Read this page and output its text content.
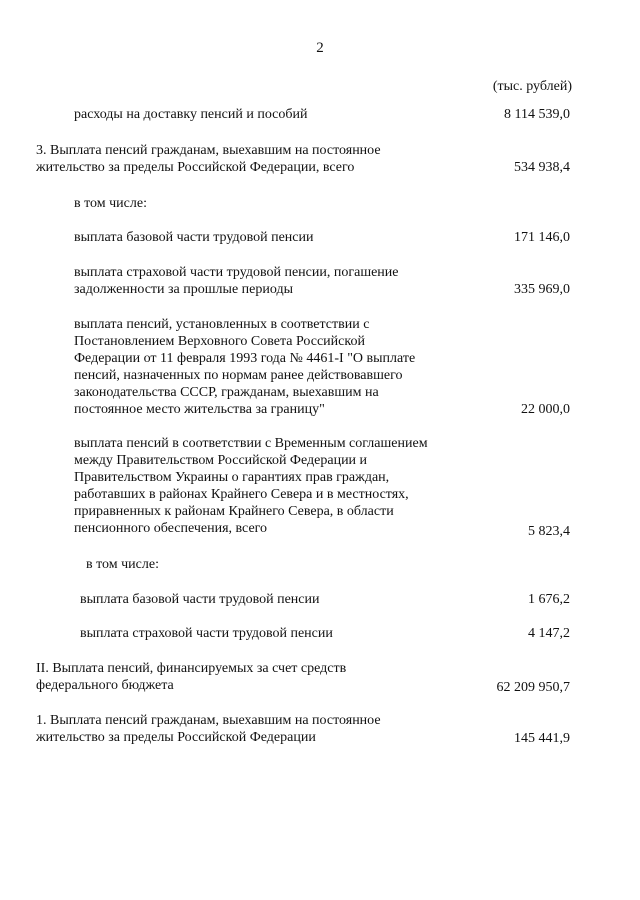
2
(тыс. рублей)
расходы на доставку пенсий и пособий	8 114 539,0
3. Выплата пенсий гражданам, выехавшим на постоянное
жительство за пределы Российской Федерации, всего	534 938,4
в том числе:
выплата базовой части трудовой пенсии	171 146,0
выплата страховой части трудовой пенсии, погашение
задолженности за прошлые периоды	335 969,0
выплата пенсий, установленных в соответствии с
Постановлением Верховного Совета Российской
Федерации от 11 февраля 1993 года № 4461-I "О выплате
пенсий, назначенных по нормам ранее действовавшего
законодательства СССР, гражданам, выехавшим на
постоянное место жительства за границу"	22 000,0
выплата пенсий в соответствии с Временным соглашением
между Правительством Российской Федерации и
Правительством Украины о гарантиях прав граждан,
работавших в районах Крайнего Севера и в местностях,
приравненных к районам Крайнего Севера, в области
пенсионного обеспечения, всего	5 823,4
в том числе:
выплата базовой части трудовой пенсии	1 676,2
выплата страховой части трудовой пенсии	4 147,2
II. Выплата пенсий, финансируемых за счет средств
федерального бюджета	62 209 950,7
1. Выплата пенсий гражданам, выехавшим на постоянное
жительство за пределы Российской Федерации	145 441,9
